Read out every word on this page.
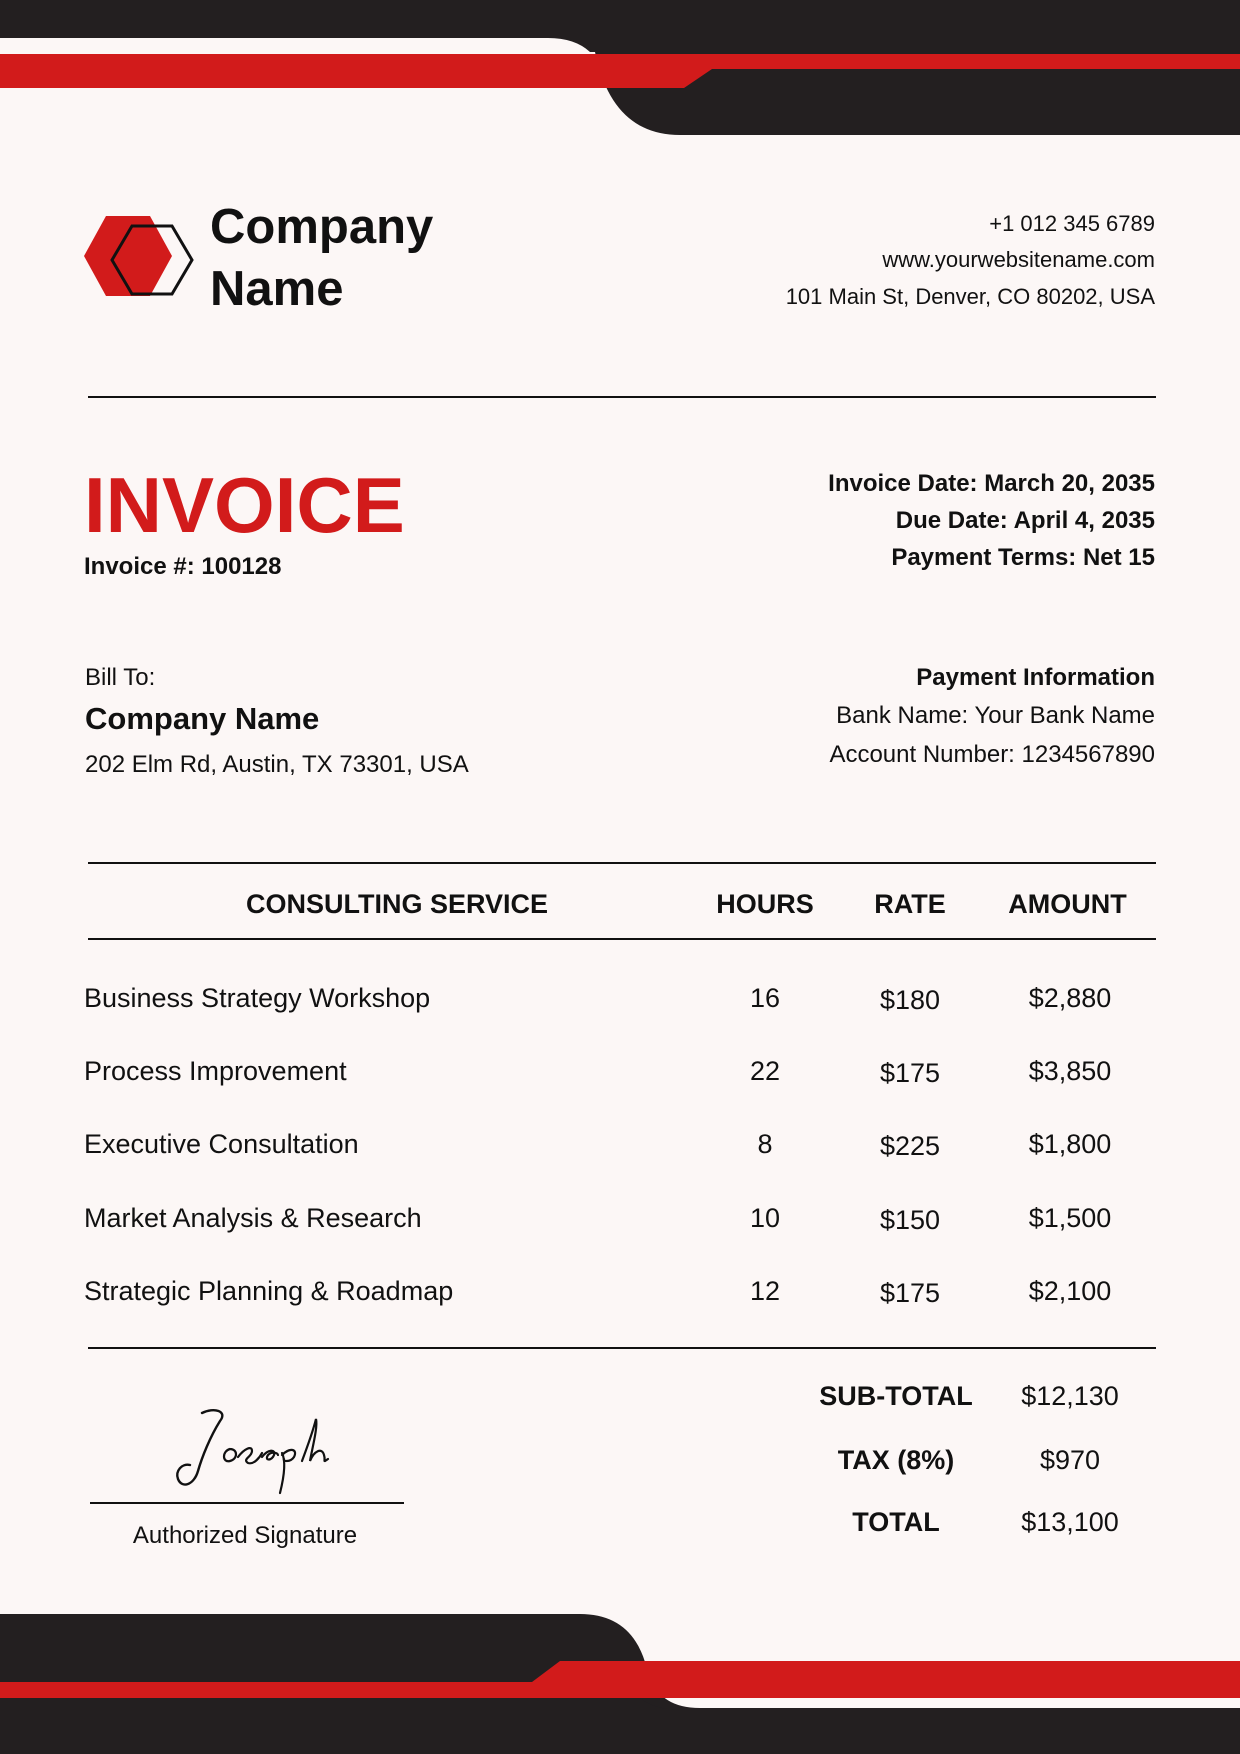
Company Name
+1 012 345 6789
www.yourwebsitename.com
101 Main St, Denver, CO 80202, USA
INVOICE
Invoice #: 100128
Invoice Date: March 20, 2035
Due Date: April 4, 2035
Payment Terms: Net 15
Bill To:
Company Name
202 Elm Rd, Austin, TX 73301, USA
Payment Information
Bank Name: Your Bank Name
Account Number: 1234567890
CONSULTING SERVICE	HOURS	RATE	AMOUNT
Business Strategy Workshop	16	$180	$2,880
Process Improvement	22	$175	$3,850
Executive Consultation	8	$225	$1,800
Market Analysis & Research	10	$150	$1,500
Strategic Planning & Roadmap	12	$175	$2,100
SUB-TOTAL	$12,130
TAX (8%)	$970
TOTAL	$13,100
Authorized Signature
